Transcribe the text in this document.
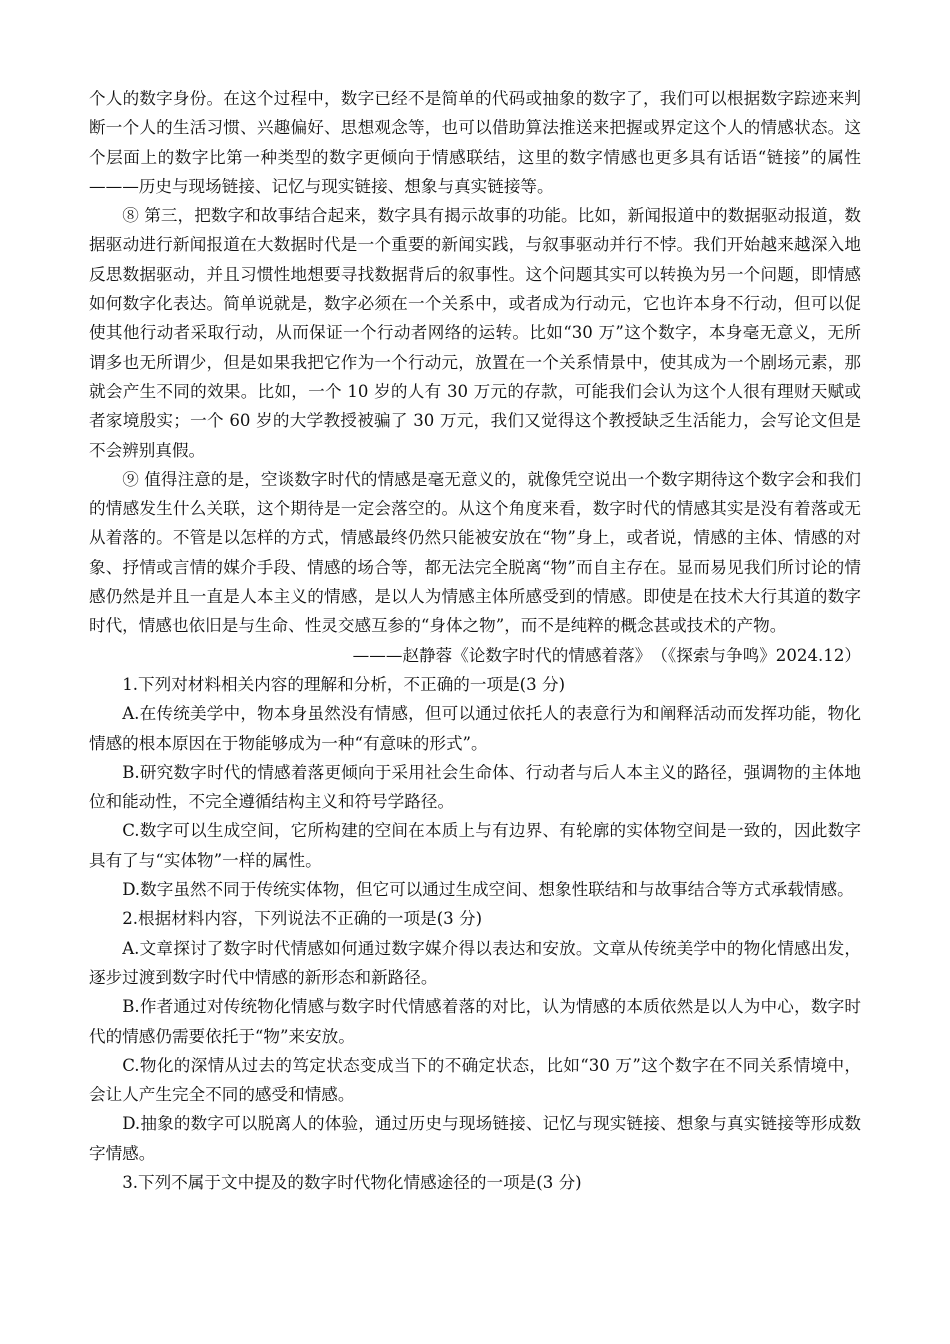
个人的数字身份。在这个过程中，数字已经不是简单的代码或抽象的数字了，我们可以根据数字踪迹来判断一个人的生活习惯、兴趣偏好、思想观念等，也可以借助算法推送来把握或界定这个人的情感状态。这个层面上的数字比第一种类型的数字更倾向于情感联结，这里的数字情感也更多具有话语“链接”的属性———历史与现场链接、记忆与现实链接、想象与真实链接等。

⑧ 第三，把数字和故事结合起来，数字具有揭示故事的功能。比如，新闻报道中的数据驱动报道，数据驱动进行新闻报道在大数据时代是一个重要的新闻实践，与叙事驱动并行不悖。我们开始越来越深入地反思数据驱动，并且习惯性地想要寻找数据背后的叙事性。这个问题其实可以转换为另一个问题，即情感如何数字化表达。简单说就是，数字必须在一个关系中，或者成为行动元，它也许本身不行动，但可以促使其他行动者采取行动，从而保证一个行动者网络的运转。比如“30 万”这个数字，本身毫无意义，无所谓多也无所谓少，但是如果我把它作为一个行动元，放置在一个关系情景中，使其成为一个剧场元素，那就会产生不同的效果。比如，一个 10 岁的人有 30 万元的存款，可能我们会认为这个人很有理财天赋或者家境殷实；一个 60 岁的大学教授被骗了 30 万元，我们又觉得这个教授缺乏生活能力，会写论文但是不会辨别真假。

⑨ 值得注意的是，空谈数字时代的情感是毫无意义的，就像凭空说出一个数字期待这个数字会和我们的情感发生什么关联，这个期待是一定会落空的。从这个角度来看，数字时代的情感其实是没有着落或无从着落的。不管是以怎样的方式，情感最终仍然只能被安放在“物”身上，或者说，情感的主体、情感的对象、抒情或言情的媒介手段、情感的场合等，都无法完全脱离“物”而自主存在。显而易见我们所讨论的情感仍然是并且一直是人本主义的情感，是以人为情感主体所感受到的情感。即使是在技术大行其道的数字时代，情感也依旧是与生命、性灵交感互参的“身体之物”，而不是纯粹的概念甚或技术的产物。

———赵静蓉《论数字时代的情感着落》　（《探索与争鸣》2024.12）

1.下列对材料相关内容的理解和分析，不正确的一项是(3 分)

A.在传统美学中，物本身虽然没有情感，但可以通过依托人的表意行为和阐释活动而发挥功能，物化情感的根本原因在于物能够成为一种“有意味的形式”。

B.研究数字时代的情感着落更倾向于采用社会生命体、行动者与后人本主义的路径，强调物的主体地位和能动性，不完全遵循结构主义和符号学路径。

C.数字可以生成空间，它所构建的空间在本质上与有边界、有轮廓的实体物空间是一致的，因此数字具有了与“实体物”一样的属性。

D.数字虽然不同于传统实体物，但它可以通过生成空间、想象性联结和与故事结合等方式承载情感。

2.根据材料内容，下列说法不正确的一项是(3 分)

A.文章探讨了数字时代情感如何通过数字媒介得以表达和安放。文章从传统美学中的物化情感出发，逐步过渡到数字时代中情感的新形态和新路径。

B.作者通过对传统物化情感与数字时代情感着落的对比，认为情感的本质依然是以人为中心，数字时代的情感仍需要依托于“物”来安放。

C.物化的深情从过去的笃定状态变成当下的不确定状态，比如“30 万”这个数字在不同关系情境中，会让人产生完全不同的感受和情感。

D.抽象的数字可以脱离人的体验，通过历史与现场链接、记忆与现实链接、想象与真实链接等形成数字情感。

3.下列不属于文中提及的数字时代物化情感途径的一项是(3 分)
